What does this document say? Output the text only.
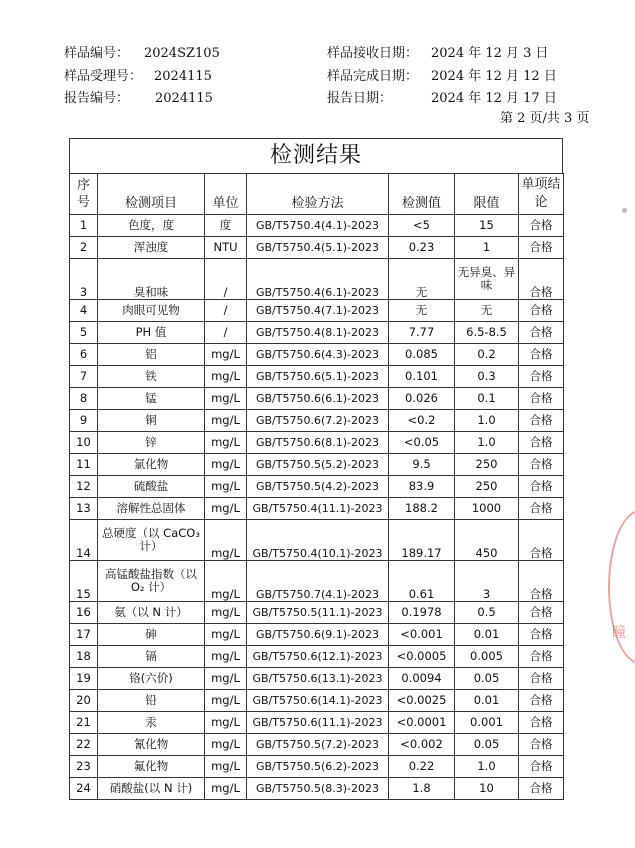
样品编号： 2024SZ105
样品受理号： 2024115
报告编号： 2024115
样品接收日期： 2024 年 12 月 3 日
样品完成日期： 2024 年 12 月 12 日
报告日期：	2024 年 12 月 17 日
第 2 页/共 3 页
检测结果
序号	检测项目	单位	检验方法	检测值	限值	单项结论
1	色度，度	度	GB/T5750.4(4.1)-2023	<5	15	合格
2	浑浊度	NTU	GB/T5750.4(5.1)-2023	0.23	1	合格
3	臭和味	/	GB/T5750.4(6.1)-2023	无	无异臭、异味	合格
4	肉眼可见物	/	GB/T5750.4(7.1)-2023	无	无	合格
5	PH 值	/	GB/T5750.4(8.1)-2023	7.77	6.5-8.5	合格
6	铝	mg/L	GB/T5750.6(4.3)-2023	0.085	0.2	合格
7	铁	mg/L	GB/T5750.6(5.1)-2023	0.101	0.3	合格
8	锰	mg/L	GB/T5750.6(6.1)-2023	0.026	0.1	合格
9	铜	mg/L	GB/T5750.6(7.2)-2023	<0.2	1.0	合格
10	锌	mg/L	GB/T5750.6(8.1)-2023	<0.05	1.0	合格
11	氯化物	mg/L	GB/T5750.5(5.2)-2023	9.5	250	合格
12	硫酸盐	mg/L	GB/T5750.5(4.2)-2023	83.9	250	合格
13	溶解性总固体	mg/L	GB/T5750.4(11.1)-2023	188.2	1000	合格
14	总硬度（以 CaCO₃ 计）	mg/L	GB/T5750.4(10.1)-2023	189.17	450	合格
15	高锰酸盐指数（以 O₂ 计）	mg/L	GB/T5750.7(4.1)-2023	0.61	3	合格
16	氨（以 N 计）	mg/L	GB/T5750.5(11.1)-2023	0.1978	0.5	合格
17	砷	mg/L	GB/T5750.6(9.1)-2023	<0.001	0.01	合格
18	镉	mg/L	GB/T5750.6(12.1)-2023	<0.0005	0.005	合格
19	铬(六价)	mg/L	GB/T5750.6(13.1)-2023	0.0094	0.05	合格
20	铅	mg/L	GB/T5750.6(14.1)-2023	<0.0025	0.01	合格
21	汞	mg/L	GB/T5750.6(11.1)-2023	<0.0001	0.001	合格
22	氰化物	mg/L	GB/T5750.5(7.2)-2023	<0.002	0.05	合格
23	氟化物	mg/L	GB/T5750.5(6.2)-2023	0.22	1.0	合格
24	硝酸盐(以 N 计)	mg/L	GB/T5750.5(8.3)-2023	1.8	10	合格
瞳
